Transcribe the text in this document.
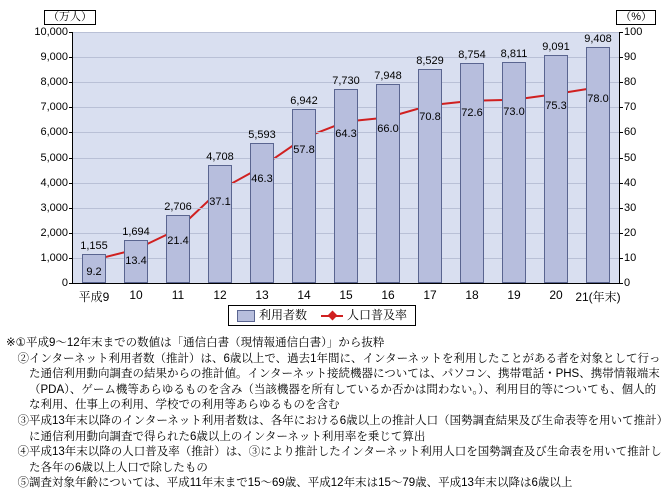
（万人）	（%）
0	0
1,000	10
2,000	20
3,000	30
4,000	40
5,000	50
6,000	60
7,000	70
8,000	80
9,000	90
10,000	100
1,155
平成9
9.2
1,694
10
13.4
2,706
11
21.4
4,708
12
37.1
5,593
13
46.3
6,942
14
57.8
7,730
15
64.3
7,948
16
66.0
8,529
17
70.8
8,754
18
72.6
8,811
19
73.0
9,091
20
75.3
9,408
21(年末)
78.0
利用者数	人口普及率
※① 平成9～12年末までの数値は「通信白書（現情報通信白書）」から抜粋
　② インターネット利用者数（推計）は、6歳以上で、過去1年間に、インターネットを利用したことがある者を対象として行った通信利用動向調査の結果からの推計値。インターネット接続機器については、パソコン、携帯電話・PHS、携帯情報端末（PDA）、ゲーム機等あらゆるものを含み（当該機器を所有しているか否かは問わない。）、利用目的等についても、個人的な利用、仕事上の利用、学校での利用等あらゆるものを含む
　③ 平成13年末以降のインターネット利用者数は、各年における6歳以上の推計人口（国勢調査結果及び生命表等を用いて推計）に通信利用動向調査で得られた6歳以上のインターネット利用率を乗じて算出
　④ 平成13年末以降の人口普及率（推計）は、③により推計したインターネット利用人口を国勢調査及び生命表を用いて推計した各年の6歳以上人口で除したもの
　⑤ 調査対象年齢については、平成11年末まで15～69歳、平成12年末は15～79歳、平成13年末以降は6歳以上
